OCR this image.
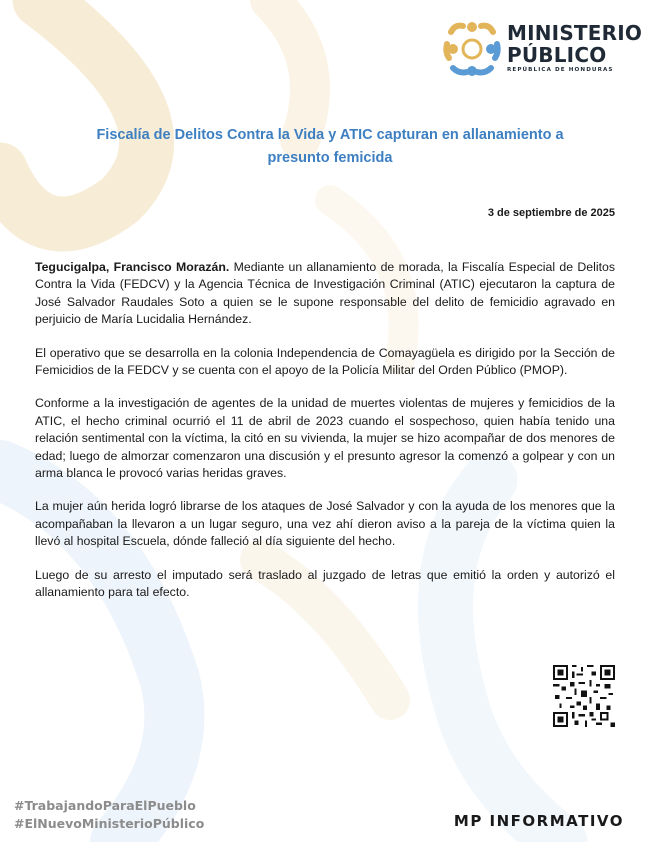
MINISTERIO
PÚBLICO
REPÚBLICA DE HONDURAS
Fiscalía de Delitos Contra la Vida y ATIC capturan en allanamiento a presunto femicida
3 de septiembre de 2025

Tegucigalpa, Francisco Morazán. Mediante un allanamiento de morada, la Fiscalía Especial de Delitos Contra la Vida (FEDCV) y la Agencia Técnica de Investigación Criminal (ATIC) ejecutaron la captura de José Salvador Raudales Soto a quien se le supone responsable del delito de femicidio agravado en perjuicio de María Lucidalia Hernández.

El operativo que se desarrolla en la colonia Independencia de Comayagüela es dirigido por la Sección de Femicidios de la FEDCV y se cuenta con el apoyo de la Policía Militar del Orden Público (PMOP).

Conforme a la investigación de agentes de la unidad de muertes violentas de mujeres y femicidios de la ATIC, el hecho criminal ocurrió el 11 de abril de 2023 cuando el sospechoso, quien había tenido una relación sentimental con la víctima, la citó en su vivienda, la mujer se hizo acompañar de dos menores de edad; luego de almorzar comenzaron una discusión y el presunto agresor la comenzó a golpear y con un arma blanca le provocó varias heridas graves.

La mujer aún herida logró librarse de los ataques de José Salvador y con la ayuda de los menores que la acompañaban la llevaron a un lugar seguro, una vez ahí dieron aviso a la pareja de la víctima quien la llevó al hospital Escuela, dónde falleció al día siguiente del hecho.

Luego de su arresto el imputado será traslado al juzgado de letras que emitió la orden y autorizó el allanamiento para tal efecto.

#TrabajandoParaElPueblo
#ElNuevoMinisterioPúblico	MP INFORMATIVO
